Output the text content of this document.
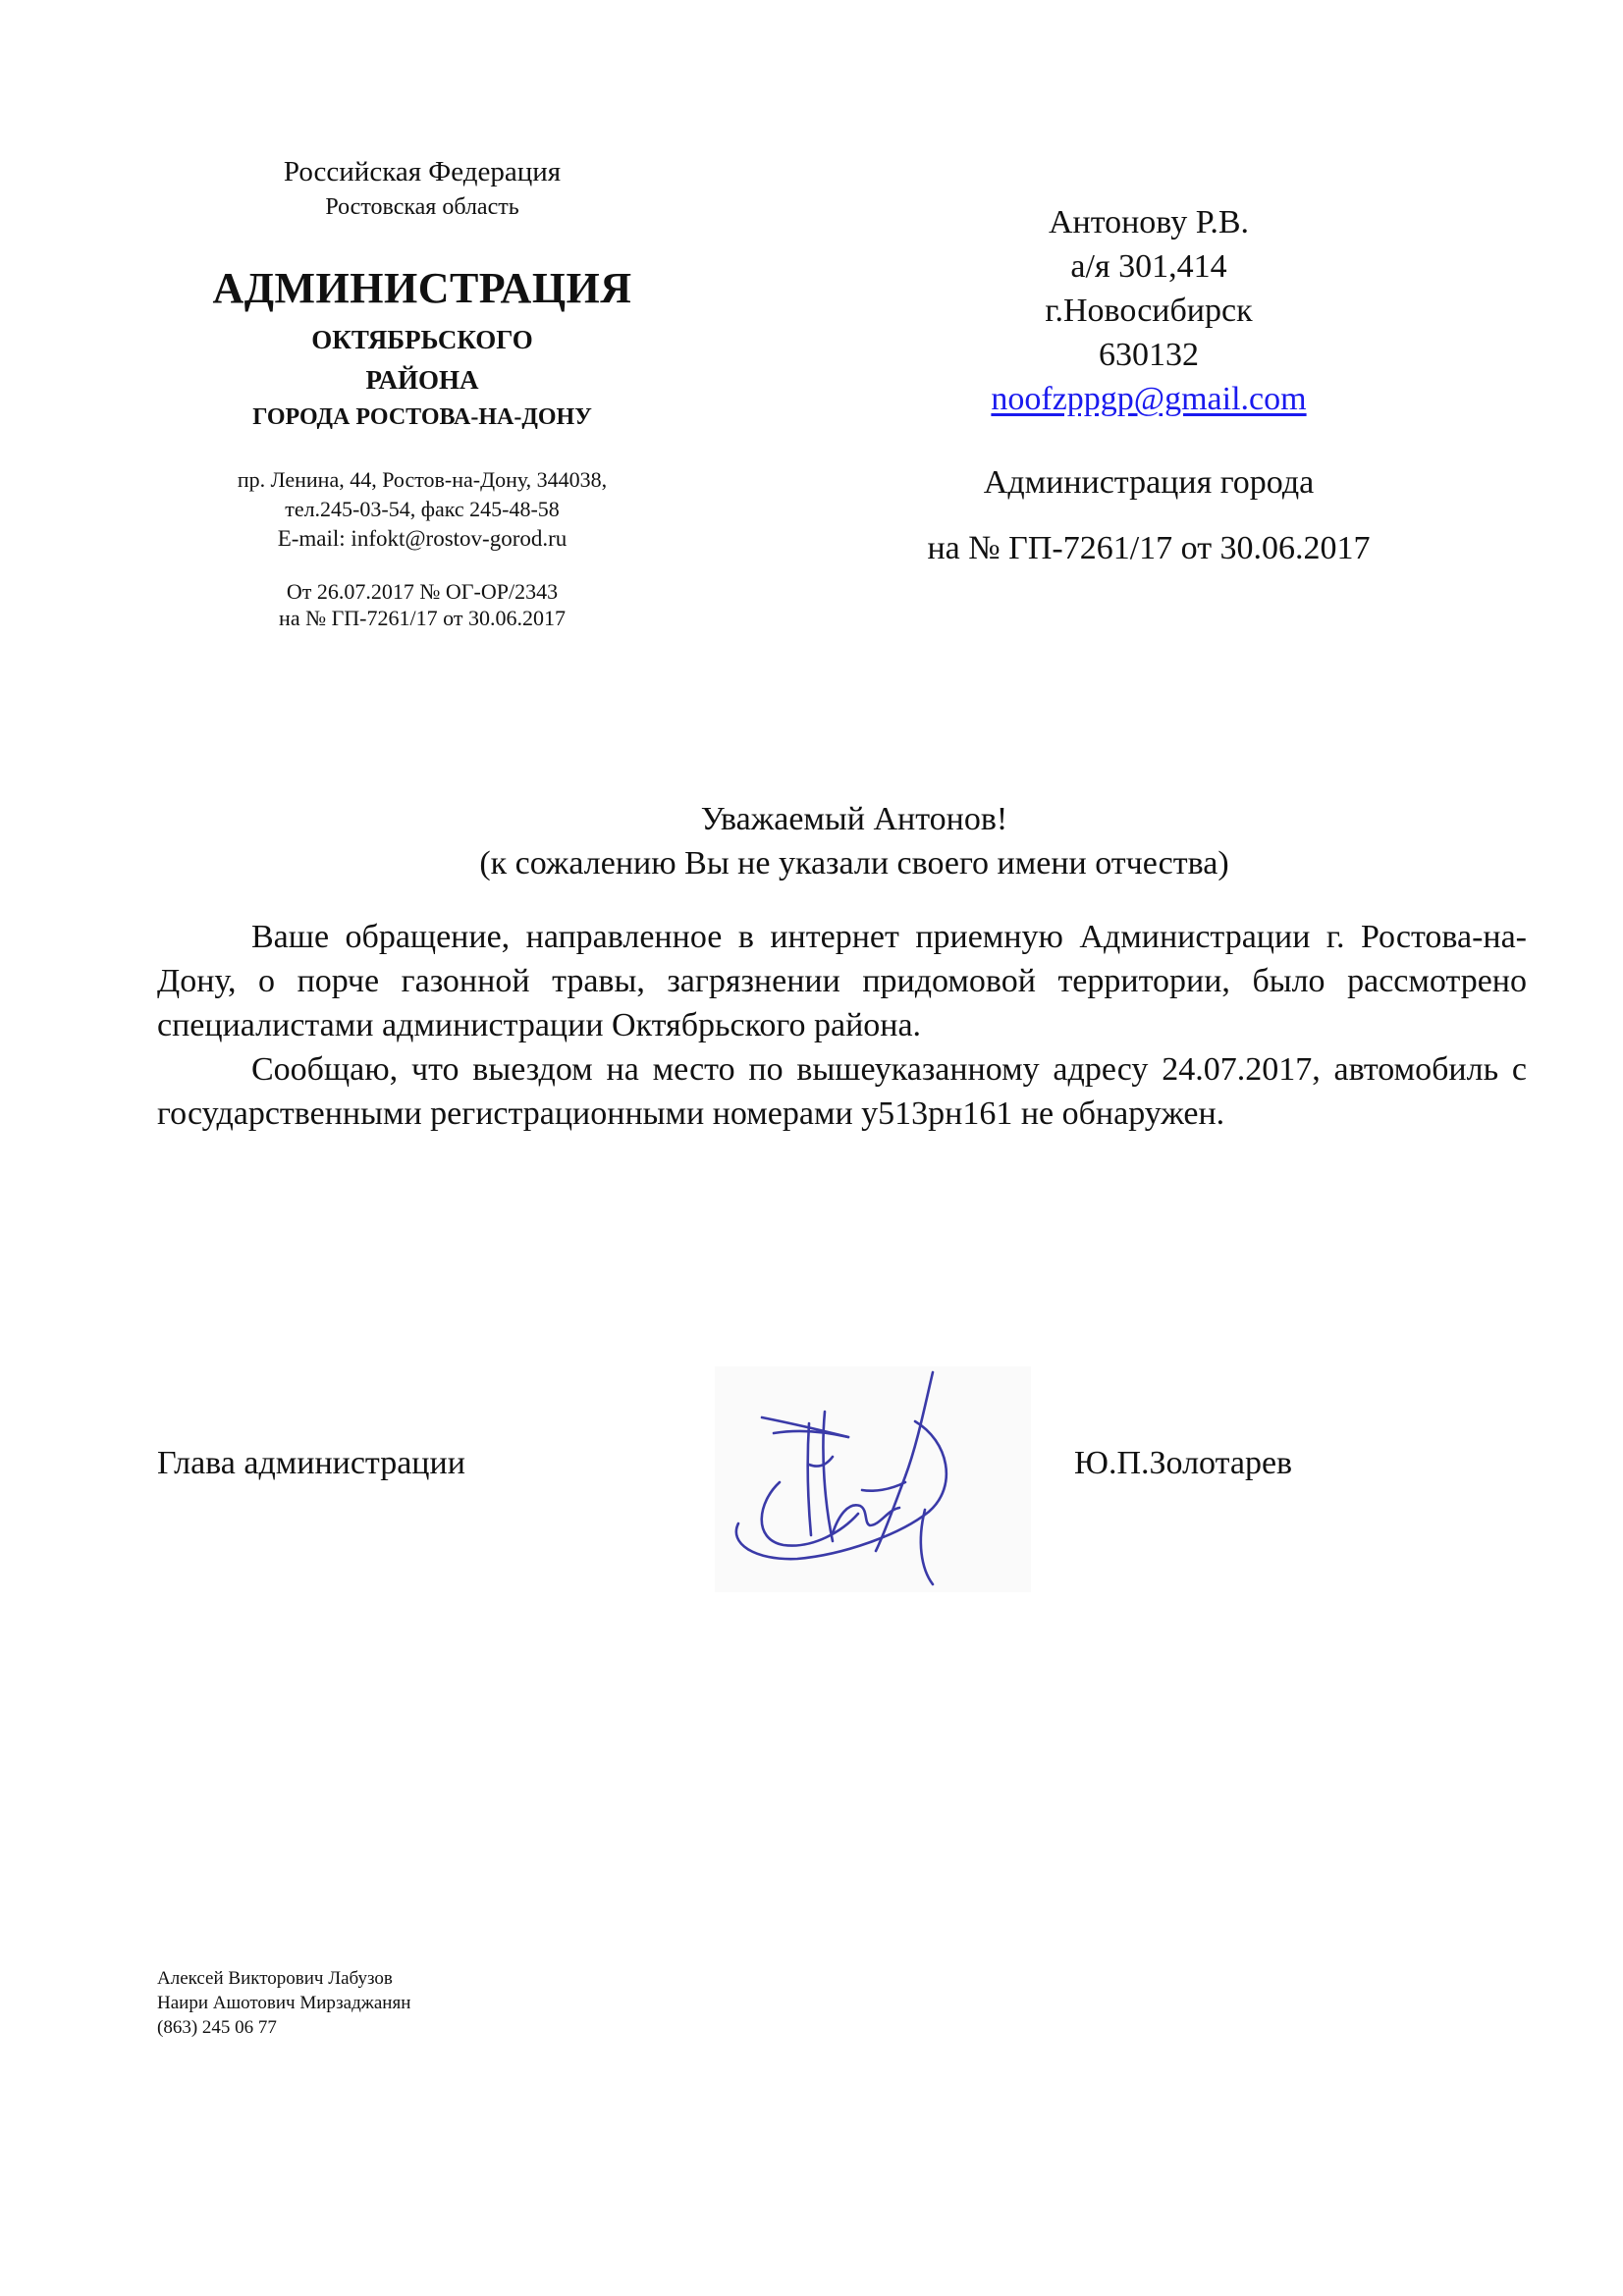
Российская Федерация
Ростовская область
АДМИНИСТРАЦИЯ
ОКТЯБРЬСКОГО
РАЙОНА
ГОРОДА РОСТОВА-НА-ДОНУ
пр. Ленина, 44, Ростов-на-Дону, 344038,
тел.245-03-54, факс 245-48-58
E-mail: infokt@rostov-gorod.ru
От 26.07.2017 № ОГ-ОР/2343
на № ГП-7261/17 от 30.06.2017
Антонову Р.В.
а/я 301,414
г.Новосибирск
630132
noofzppgp@gmail.com
Администрация города
на № ГП-7261/17 от 30.06.2017
Уважаемый Антонов!
(к сожалению Вы не указали своего имени отчества)

Ваше обращение, направленное в интернет приемную Администрации г. Ростова-на-Дону, о порче газонной травы, загрязнении придомовой территории, было рассмотрено специалистами администрации Октябрьского района.

Сообщаю, что выездом на место по вышеуказанному адресу 24.07.2017, автомобиль с государственными регистрационными номерами у513рн161 не обнаружен.

Глава администрации	Ю.П.Золотарев
Алексей Викторович Лабузов
Наири Ашотович Мирзаджанян
(863) 245 06 77
